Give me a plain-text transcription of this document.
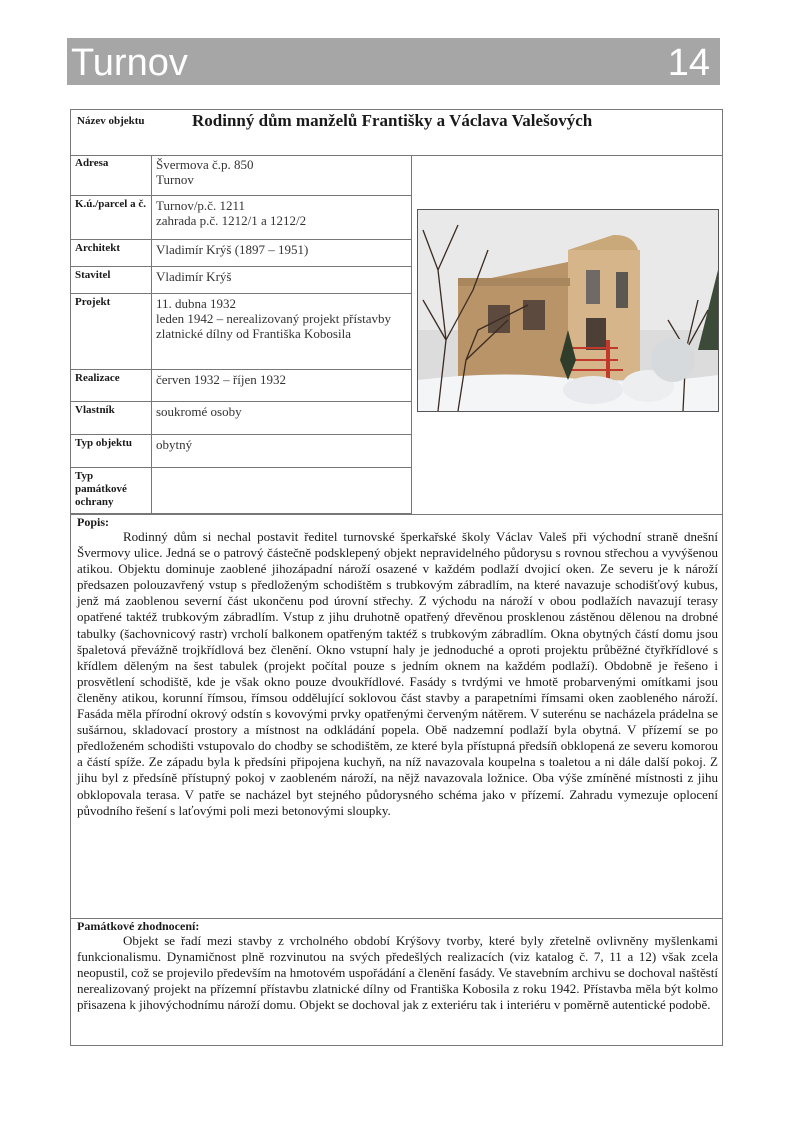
Turnov	14
Název objektu	Rodinný dům manželů Františky a Václava Valešových
Adresa	Švermova č.p. 850
Turnov
K.ú./parcel a č.	Turnov/p.č. 1211
zahrada p.č. 1212/1 a 1212/2
Architekt	Vladimír Krýš (1897 – 1951)
Stavitel	Vladimír Krýš
Projekt	11. dubna 1932
leden 1942 – nerealizovaný projekt přístavby zlatnické dílny od Františka Kobosila
Realizace	červen 1932 – říjen 1932
Vlastník	soukromé osoby
Typ objektu	obytný
Typ památkové ochrany	
Popis:

Rodinný dům si nechal postavit ředitel turnovské šperkařské školy Václav Valeš při východní straně dnešní Švermovy ulice. Jedná se o patrový částečně podsklepený objekt nepravidelného půdorysu s rovnou střechou a vyvýšenou atikou. Objektu dominuje zaoblené jihozápadní nároží osazené v každém podlaží dvojicí oken. Ze severu je k nároží předsazen polouzavřený vstup s předloženým schodištěm s trubkovým zábradlím, na které navazuje schodišťový kubus, jenž má zaoblenou severní část ukončenu pod úrovní střechy. Z východu na nároží v obou podlažích navazují terasy opatřené taktéž trubkovým zábradlím. Vstup z jihu druhotně opatřený dřevěnou prosklenou zástěnou dělenou na drobné tabulky (šachovnicový rastr) vrcholí balkonem opatřeným taktéž s trubkovým zábradlím. Okna obytných částí domu jsou špaletová převážně trojkřídlová bez členění. Okno vstupní haly je jednoduché a oproti projektu průběžné čtyřkřídlové s křídlem děleným na šest tabulek (projekt počítal pouze s jedním oknem na každém podlaží). Obdobně je řešeno i prosvětlení schodiště, kde je však okno pouze dvoukřídlové. Fasády s tvrdými ve hmotě probarvenými omítkami jsou členěny atikou, korunní římsou, římsou oddělující soklovou část stavby a parapetními římsami oken zaobleného nároží. Fasáda měla přírodní okrový odstín s kovovými prvky opatřenými červeným nátěrem. V suterénu se nacházela prádelna se sušárnou, skladovací prostory a místnost na odkládání popela. Obě nadzemní podlaží byla obytná. V přízemí se po předloženém schodišti vstupovalo do chodby se schodištěm, ze které byla přístupná předsíň obklopená ze severu komorou a částí spíže. Ze západu byla k předsíni připojena kuchyň, na níž navazovala koupelna s toaletou a ni dále další pokoj. Z jihu byl z předsíně přístupný pokoj v zaobleném nároží, na nějž navazovala ložnice. Oba výše zmíněné místnosti z jihu obklopovala terasa. V patře se nacházel byt stejného půdorysného schéma jako v přízemí. Zahradu vymezuje oplocení původního řešení s laťovými poli mezi betonovými sloupky.

Památkové zhodnocení:

Objekt se řadí mezi stavby z vrcholného období Krýšovy tvorby, které byly zřetelně ovlivněny myšlenkami funkcionalismu. Dynamičnost plně rozvinutou na svých předešlých realizacích (viz katalog č. 7, 11 a 12) však zcela neopustil, což se projevilo především na hmotovém uspořádání a členění fasády. Ve stavebním archivu se dochoval naštěstí nerealizovaný projekt na přízemní přístavbu zlatnické dílny od Františka Kobosila z roku 1942. Přístavba měla být kolmo přisazena k jihovýchodnímu nároží domu. Objekt se dochoval jak z exteriéru tak i interiéru v poměrně autentické podobě.
